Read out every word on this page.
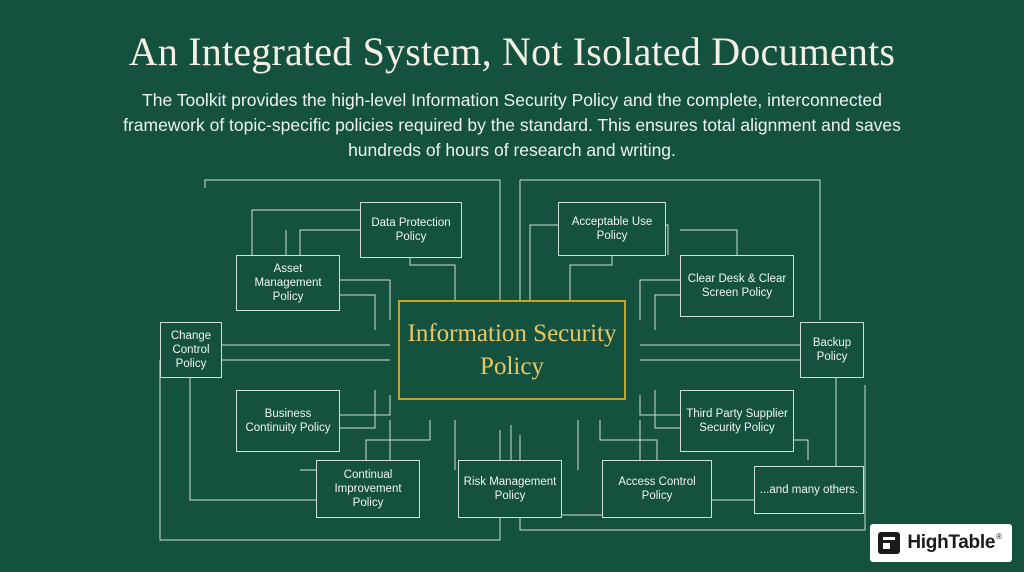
An Integrated System, Not Isolated Documents
The Toolkit provides the high-level Information Security Policy and the complete, interconnected framework of topic-specific policies required by the standard. This ensures total alignment and saves hundreds of hours of research and writing.
Information Security Policy
Data Protection Policy
Acceptable Use Policy
Asset Management Policy
Clear Desk & Clear Screen Policy
Change Control Policy
Backup Policy
Business Continuity Policy
Third Party Supplier Security Policy
Continual Improvement Policy
Risk Management Policy
Access Control Policy	...and many others.
HighTable ®
